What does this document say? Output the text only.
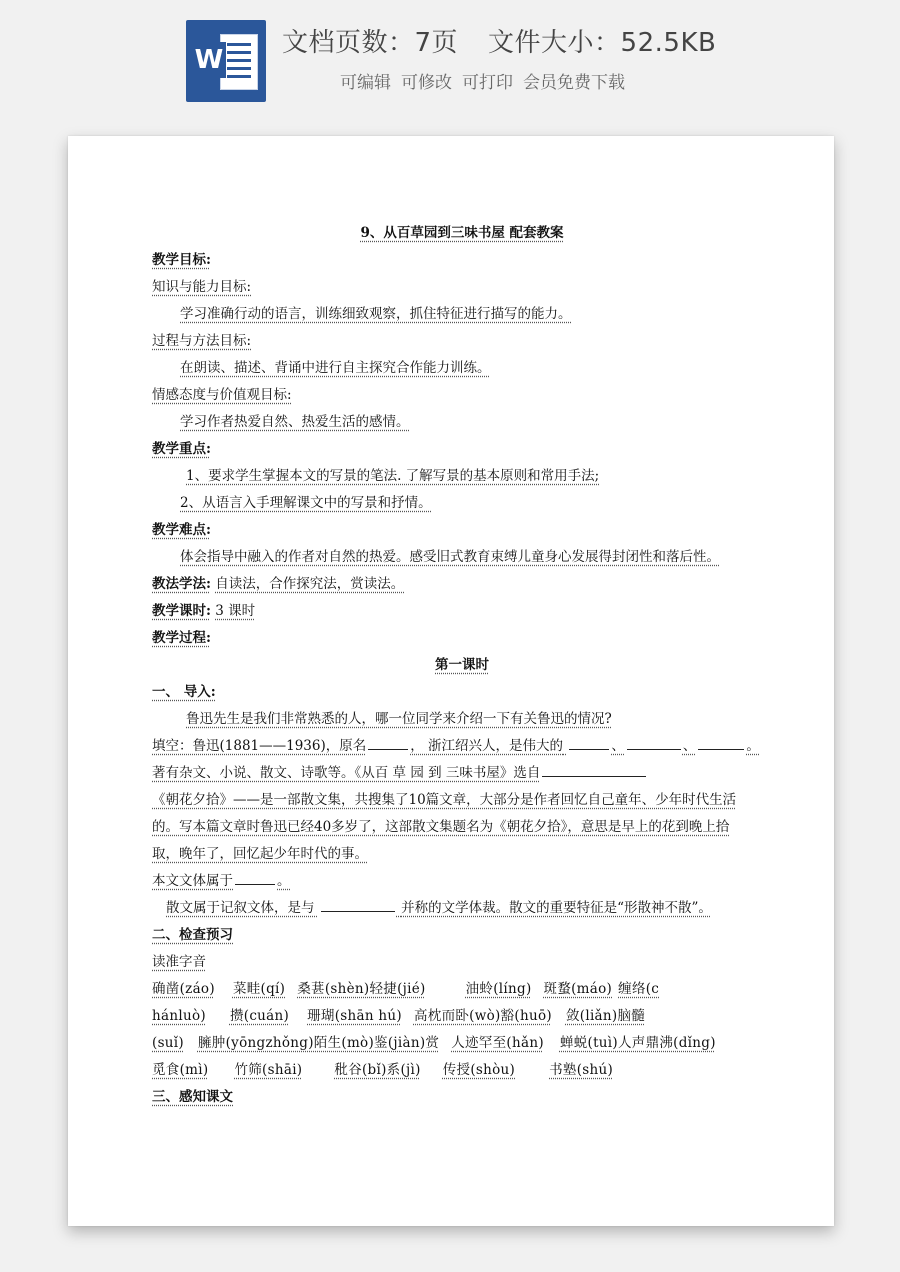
W
文档页数：7页 文件大小：52.5KB
可编辑 可修改 可打印 会员免费下载

9、从百草园到三味书屋 配套教案

教学目标:

知识与能力目标:

学习准确行动的语言，训练细致观察，抓住特征进行描写的能力。

过程与方法目标:

在朗读、描述、背诵中进行自主探究合作能力训练。

情感态度与价值观目标:

学习作者热爱自然、热爱生活的感情。

教学重点:

1、要求学生掌握本文的写景的笔法. 了解写景的基本原则和常用手法;

2、从语言入手理解课文中的写景和抒情。

教学难点:

体会指导中融入的作者对自然的热爱。感受旧式教育束缚儿童身心发展得封闭性和落后性。

教法学法: 自读法，合作探究法，赏读法。

教学课时: 3 课时

教学过程:

第一课时

一、 导入:

鲁迅先生是我们非常熟悉的人，哪一位同学来介绍一下有关鲁迅的情况?

填空：鲁迅(1881——1936)，原名	， 浙江绍兴人，是伟大的	、	、	。

著有杂文、小说、散文、诗歌等。《从百 草 园 到 三味书屋》选自

《朝花夕拾》——是一部散文集，共搜集了10篇文章，大部分是作者回忆自己童年、少年时代生活

的。写本篇文章时鲁迅已经40多岁了，这部散文集题名为《朝花夕拾》，意思是早上的花到晚上拾

取，晚年了，回忆起少年时代的事。

本文文体属于	。

散文属于记叙文体，是与	并称的文学体裁。散文的重要特征是“形散神不散”。

二、检查预习

读准字音

确凿(záo) 菜畦(qí) 桑葚(shèn)轻捷(jié)	油蛉(líng) 斑蝥(máo) 缠络(c

hánluò) 攒(cuán) 珊瑚(shān hú) 高枕而卧(wò)豁(huō) 敛(liǎn)脑髓

(suǐ) 臃肿(yōngzhǒng)陌生(mò)鉴(jiàn)赏 人迹罕至(hǎn) 蝉蜕(tuì)人声鼎沸(dǐng)

觅食(mì) 竹筛(shāi) 秕谷(bǐ)系(jì) 传授(shòu)	书塾(shú)

三、感知课文
